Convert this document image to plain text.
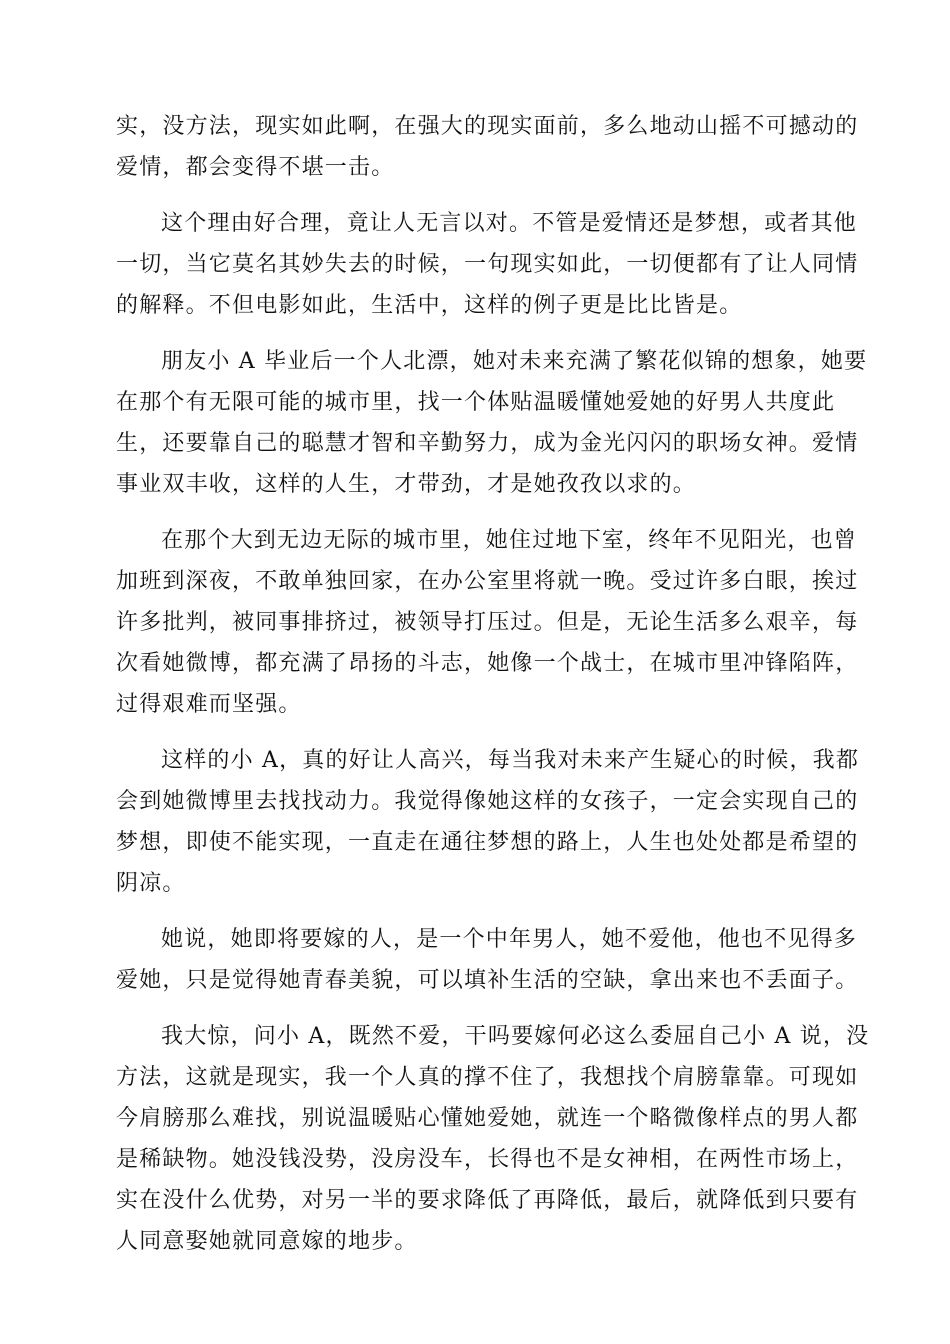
实，没方法，现实如此啊，在强大的现实面前，多么地动山摇不可撼动的
爱情，都会变得不堪一击。
这个理由好合理，竟让人无言以对。不管是爱情还是梦想，或者其他
一切，当它莫名其妙失去的时候，一句现实如此，一切便都有了让人同情
的解释。不但电影如此，生活中，这样的例子更是比比皆是。
朋友小 A 毕业后一个人北漂，她对未来充满了繁花似锦的想象，她要
在那个有无限可能的城市里，找一个体贴温暖懂她爱她的好男人共度此
生，还要靠自己的聪慧才智和辛勤努力，成为金光闪闪的职场女神。爱情
事业双丰收，这样的人生，才带劲，才是她孜孜以求的。
在那个大到无边无际的城市里，她住过地下室，终年不见阳光，也曾
加班到深夜，不敢单独回家，在办公室里将就一晚。受过许多白眼，挨过
许多批判，被同事排挤过，被领导打压过。但是，无论生活多么艰辛，每
次看她微博，都充满了昂扬的斗志，她像一个战士，在城市里冲锋陷阵，
过得艰难而坚强。
这样的小 A，真的好让人高兴，每当我对未来产生疑心的时候，我都
会到她微博里去找找动力。我觉得像她这样的女孩子，一定会实现自己的
梦想，即使不能实现，一直走在通往梦想的路上，人生也处处都是希望的
阴凉。
她说，她即将要嫁的人，是一个中年男人，她不爱他，他也不见得多
爱她，只是觉得她青春美貌，可以填补生活的空缺，拿出来也不丢面子。
我大惊，问小 A，既然不爱，干吗要嫁何必这么委屈自己小 A 说，没
方法，这就是现实，我一个人真的撑不住了，我想找个肩膀靠靠。可现如
今肩膀那么难找，别说温暖贴心懂她爱她，就连一个略微像样点的男人都
是稀缺物。她没钱没势，没房没车，长得也不是女神相，在两性市场上，
实在没什么优势，对另一半的要求降低了再降低，最后，就降低到只要有
人同意娶她就同意嫁的地步。
